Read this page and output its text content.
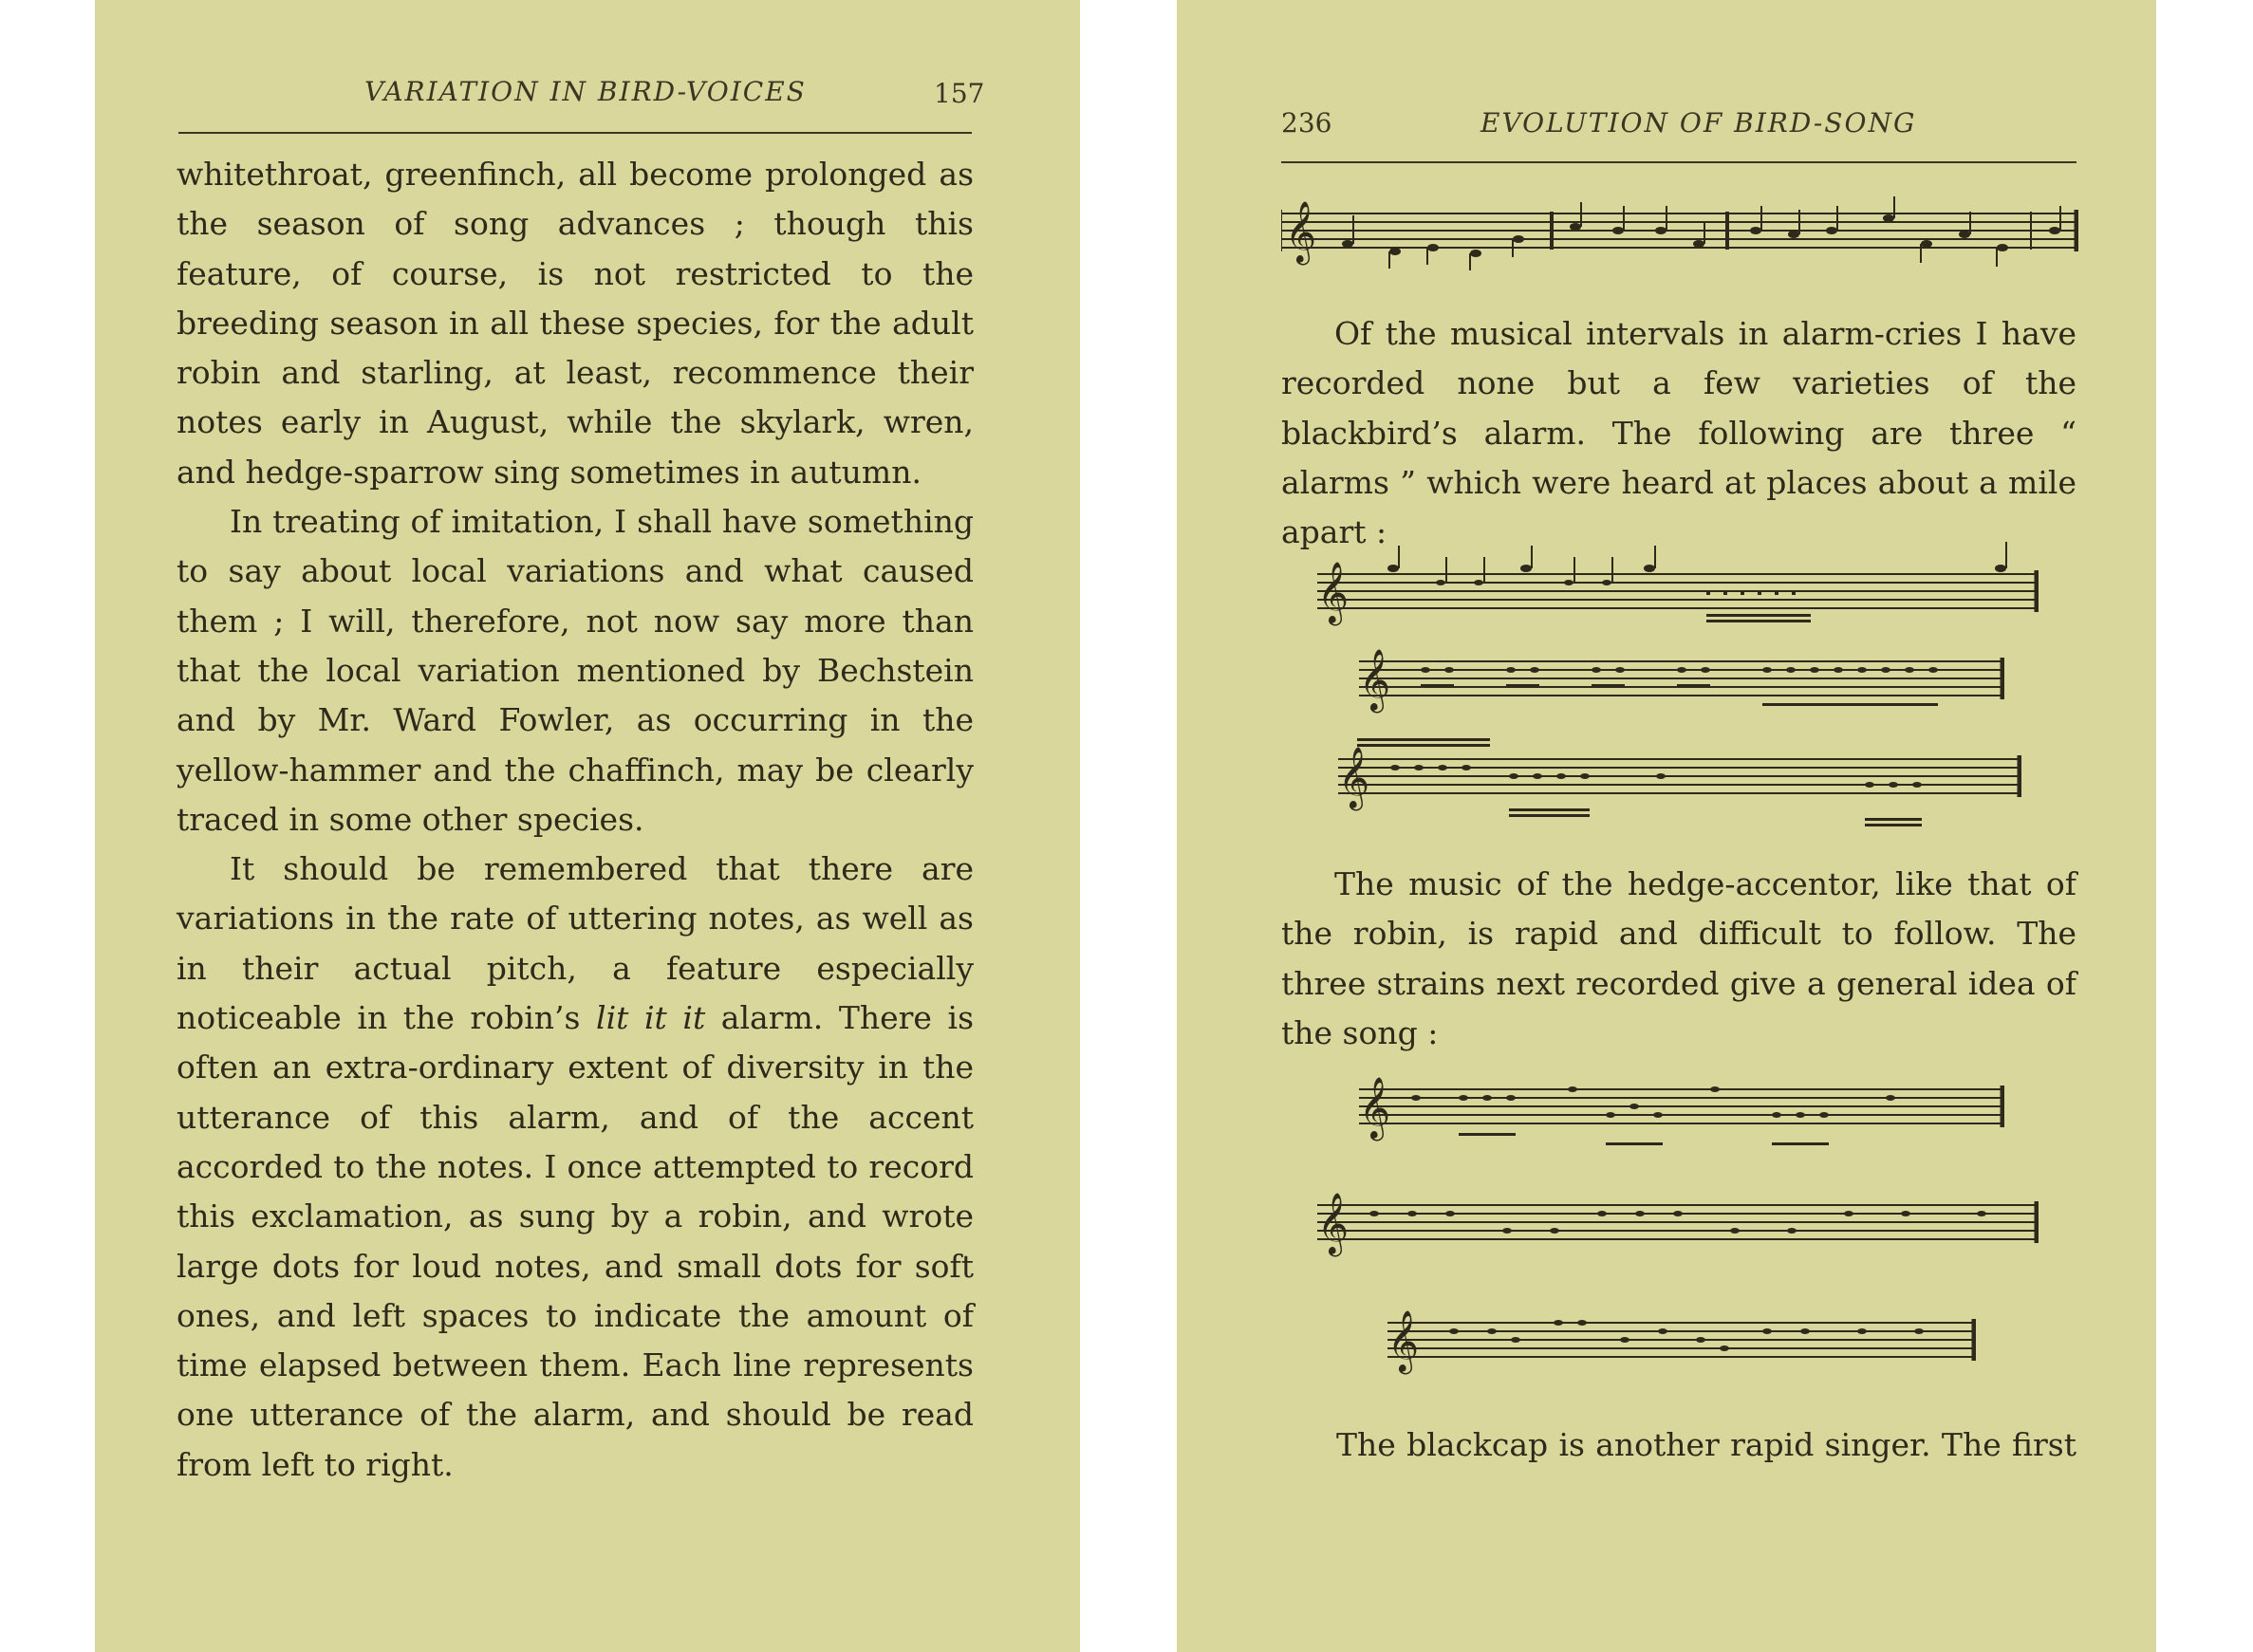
VARIATION IN BIRD-VOICES	157

whitethroat, greenfinch, all become prolonged as the season of song advances ; though this feature, of course, is not restricted to the breeding season in all these species, for the adult robin and starling, at least, recommence their notes early in August, while the skylark, wren, and hedge-sparrow sing sometimes in autumn.

In treating of imitation, I shall have something to say about local variations and what caused them ; I will, therefore, not now say more than that the local variation mentioned by Bechstein and by Mr. Ward Fowler, as occurring in the yellow-hammer and the chaffinch, may be clearly traced in some other species.

It should be remembered that there are variations in the rate of uttering notes, as well as in their actual pitch, a feature especially noticeable in the robin’s lit it it alarm. There is often an extra-ordinary extent of diversity in the utterance of this alarm, and of the accent accorded to the notes. I once attempted to record this exclamation, as sung by a robin, and wrote large dots for loud notes, and small dots for soft ones, and left spaces to indicate the amount of time elapsed between them. Each line represents one utterance of the alarm, and should be read from left to right.

236	EVOLUTION OF BIRD-SONG
𝄞

Of the musical intervals in alarm-cries I have recorded none but a few varieties of the blackbird’s alarm. The following are three “ alarms ” which were heard at places about a mile apart :

𝄞
𝄞
𝄞

The music of the hedge-accentor, like that of the robin, is rapid and difficult to follow. The three strains next recorded give a general idea of the song :

𝄞
𝄞
𝄞

The blackcap is another rapid singer. The first
